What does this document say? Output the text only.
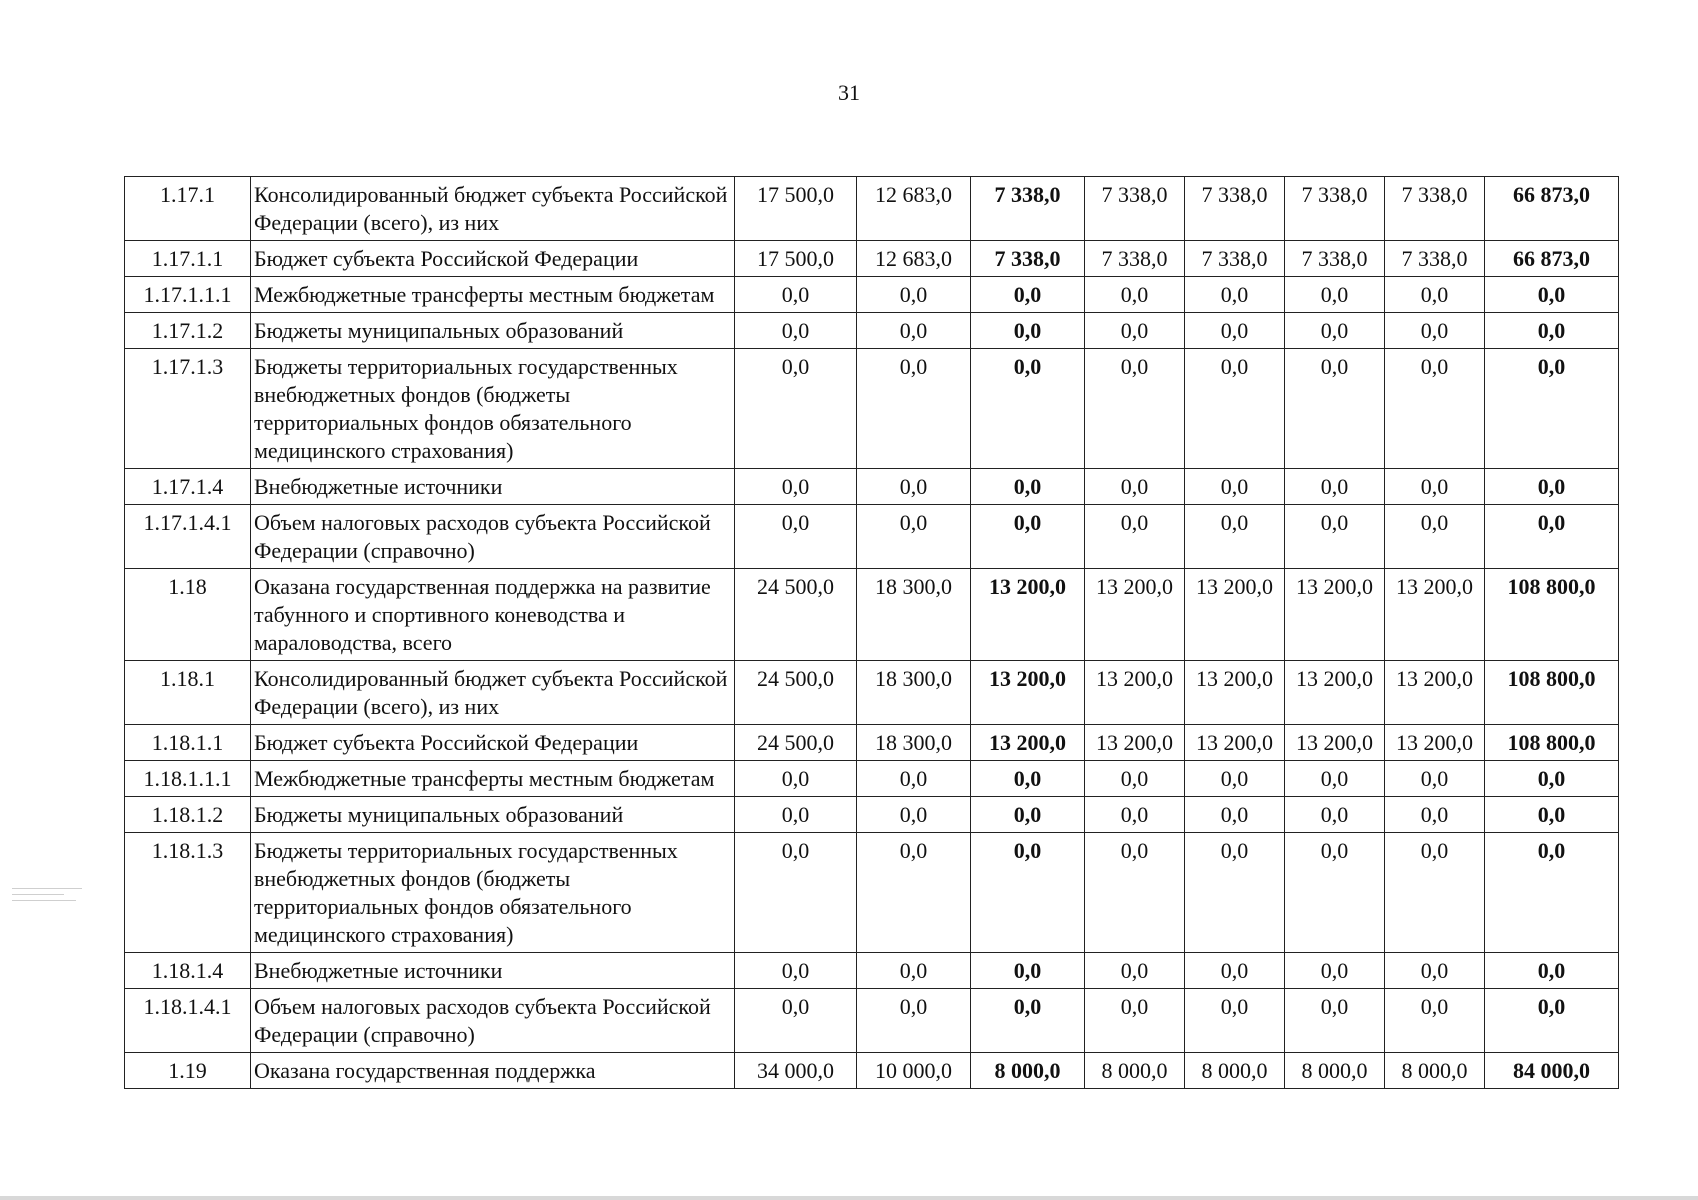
31
1.17.1	Консолидированный бюджет субъекта Российской Федерации (всего), из них	17 500,0	12 683,0	7 338,0	7 338,0	7 338,0	7 338,0	7 338,0	66 873,0
1.17.1.1	Бюджет субъекта Российской Федерации	17 500,0	12 683,0	7 338,0	7 338,0	7 338,0	7 338,0	7 338,0	66 873,0
1.17.1.1.1	Межбюджетные трансферты местным бюджетам	0,0	0,0	0,0	0,0	0,0	0,0	0,0	0,0
1.17.1.2	Бюджеты муниципальных образований	0,0	0,0	0,0	0,0	0,0	0,0	0,0	0,0
1.17.1.3	Бюджеты территориальных государственных внебюджетных фондов (бюджеты территориальных фондов обязательного медицинского страхования)	0,0	0,0	0,0	0,0	0,0	0,0	0,0	0,0
1.17.1.4	Внебюджетные источники	0,0	0,0	0,0	0,0	0,0	0,0	0,0	0,0
1.17.1.4.1	Объем налоговых расходов субъекта Российской Федерации (справочно)	0,0	0,0	0,0	0,0	0,0	0,0	0,0	0,0
1.18	Оказана государственная поддержка на развитие табунного и спортивного коневодства и мараловодства, всего	24 500,0	18 300,0	13 200,0	13 200,0	13 200,0	13 200,0	13 200,0	108 800,0
1.18.1	Консолидированный бюджет субъекта Российской Федерации (всего), из них	24 500,0	18 300,0	13 200,0	13 200,0	13 200,0	13 200,0	13 200,0	108 800,0
1.18.1.1	Бюджет субъекта Российской Федерации	24 500,0	18 300,0	13 200,0	13 200,0	13 200,0	13 200,0	13 200,0	108 800,0
1.18.1.1.1	Межбюджетные трансферты местным бюджетам	0,0	0,0	0,0	0,0	0,0	0,0	0,0	0,0
1.18.1.2	Бюджеты муниципальных образований	0,0	0,0	0,0	0,0	0,0	0,0	0,0	0,0
1.18.1.3	Бюджеты территориальных государственных внебюджетных фондов (бюджеты территориальных фондов обязательного медицинского страхования)	0,0	0,0	0,0	0,0	0,0	0,0	0,0	0,0
1.18.1.4	Внебюджетные источники	0,0	0,0	0,0	0,0	0,0	0,0	0,0	0,0
1.18.1.4.1	Объем налоговых расходов субъекта Российской Федерации (справочно)	0,0	0,0	0,0	0,0	0,0	0,0	0,0	0,0
1.19	Оказана государственная поддержка	34 000,0	10 000,0	8 000,0	8 000,0	8 000,0	8 000,0	8 000,0	84 000,0
